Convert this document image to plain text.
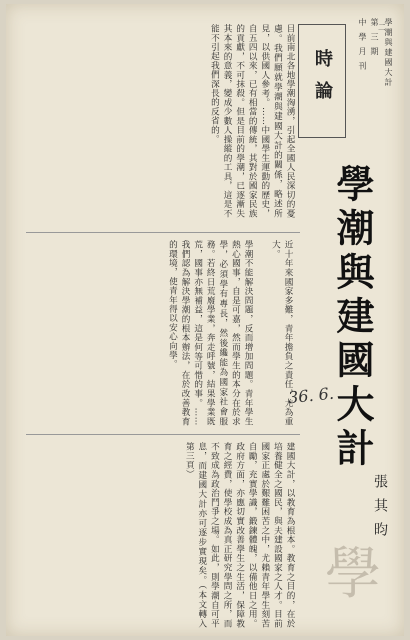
二
中 學 月 刊 第 三 期 學潮與建國大計
時論
學潮與建國大計
張其昀
36. 6.
學
目前南北各地學潮洶湧，引起全國人民深切的憂慮。我們願就學潮與建國大計的關係，略述所見，以供國人參考。……中國學生運動的歷史，自五四以來，已有相當的傳統，其對於國家民族的貢獻，不可抹殺。但是目前的學潮，已逐漸失其本來的意義，變成少數人操縱的工具，這是不能不引起我們深長的反省的。
近十年來國家多難，青年擔負之責任，尤為重大。
學潮不能解決問題，反而增加問題。青年學生熱心國事，自是可嘉，然而學生的本分在於求學，必須學有專長，然後纔能為國家社會服務。若終日荒廢學業，奔走呼號，結果學業既荒，國事亦無補益，這是何等可惜的事。……我們認為解決學潮的根本辦法，在於改善教育的環境，使青年得以安心向學。
建國大計，以教育為根本。教育之目的，在於培養健全之國民，與夫建設國家之人才。目前國家正處於艱難困苦之中，尤賴青年學生刻苦自勵，充實學識，鍛鍊體魄，以備他日之用。政府方面，亦應切實改善學生之生活，保障教育之經費，使學校成為真正研究學問之所，而不致成為政治鬥爭之場。如此，則學潮自可平息，而建國大計亦可逐步實現矣。（本文轉入第三頁）
